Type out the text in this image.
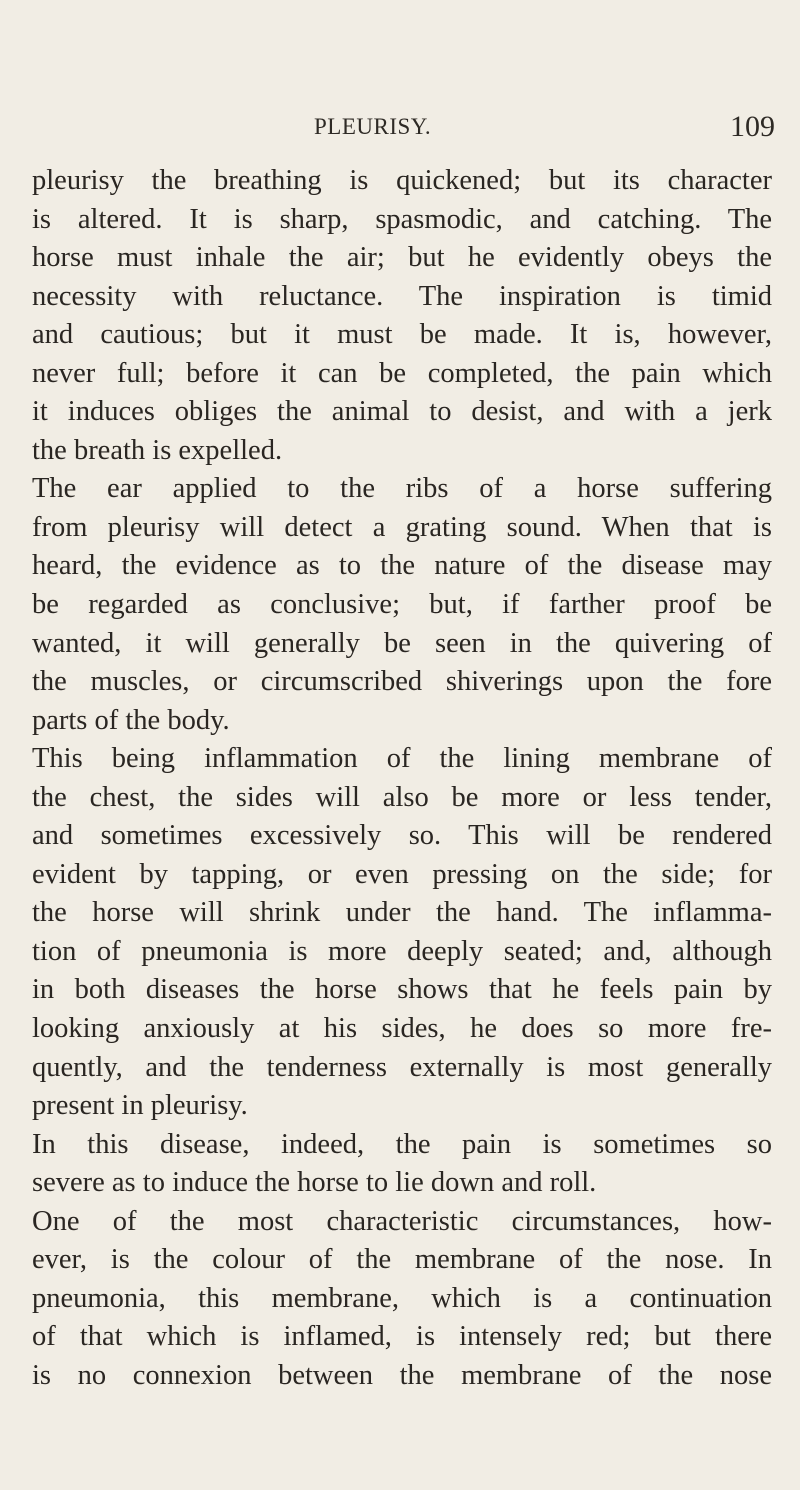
PLEURISY.	109
pleurisy the breathing is quickened; but its character
is altered. It is sharp, spasmodic, and catching. The
horse must inhale the air; but he evidently obeys the
necessity with reluctance. The inspiration is timid
and cautious; but it must be made. It is, however,
never full; before it can be completed, the pain which
it induces obliges the animal to desist, and with a jerk
the breath is expelled.
The ear applied to the ribs of a horse suffering
from pleurisy will detect a grating sound. When that is
heard, the evidence as to the nature of the disease may
be regarded as conclusive; but, if farther proof be
wanted, it will generally be seen in the quivering of
the muscles, or circumscribed shiverings upon the fore
parts of the body.
This being inflammation of the lining membrane of
the chest, the sides will also be more or less tender,
and sometimes excessively so. This will be rendered
evident by tapping, or even pressing on the side; for
the horse will shrink under the hand. The inflamma-
tion of pneumonia is more deeply seated; and, although
in both diseases the horse shows that he feels pain by
looking anxiously at his sides, he does so more fre-
quently, and the tenderness externally is most generally
present in pleurisy.
In this disease, indeed, the pain is sometimes so
severe as to induce the horse to lie down and roll.
One of the most characteristic circumstances, how-
ever, is the colour of the membrane of the nose. In
pneumonia, this membrane, which is a continuation
of that which is inflamed, is intensely red; but there
is no connexion between the membrane of the nose
